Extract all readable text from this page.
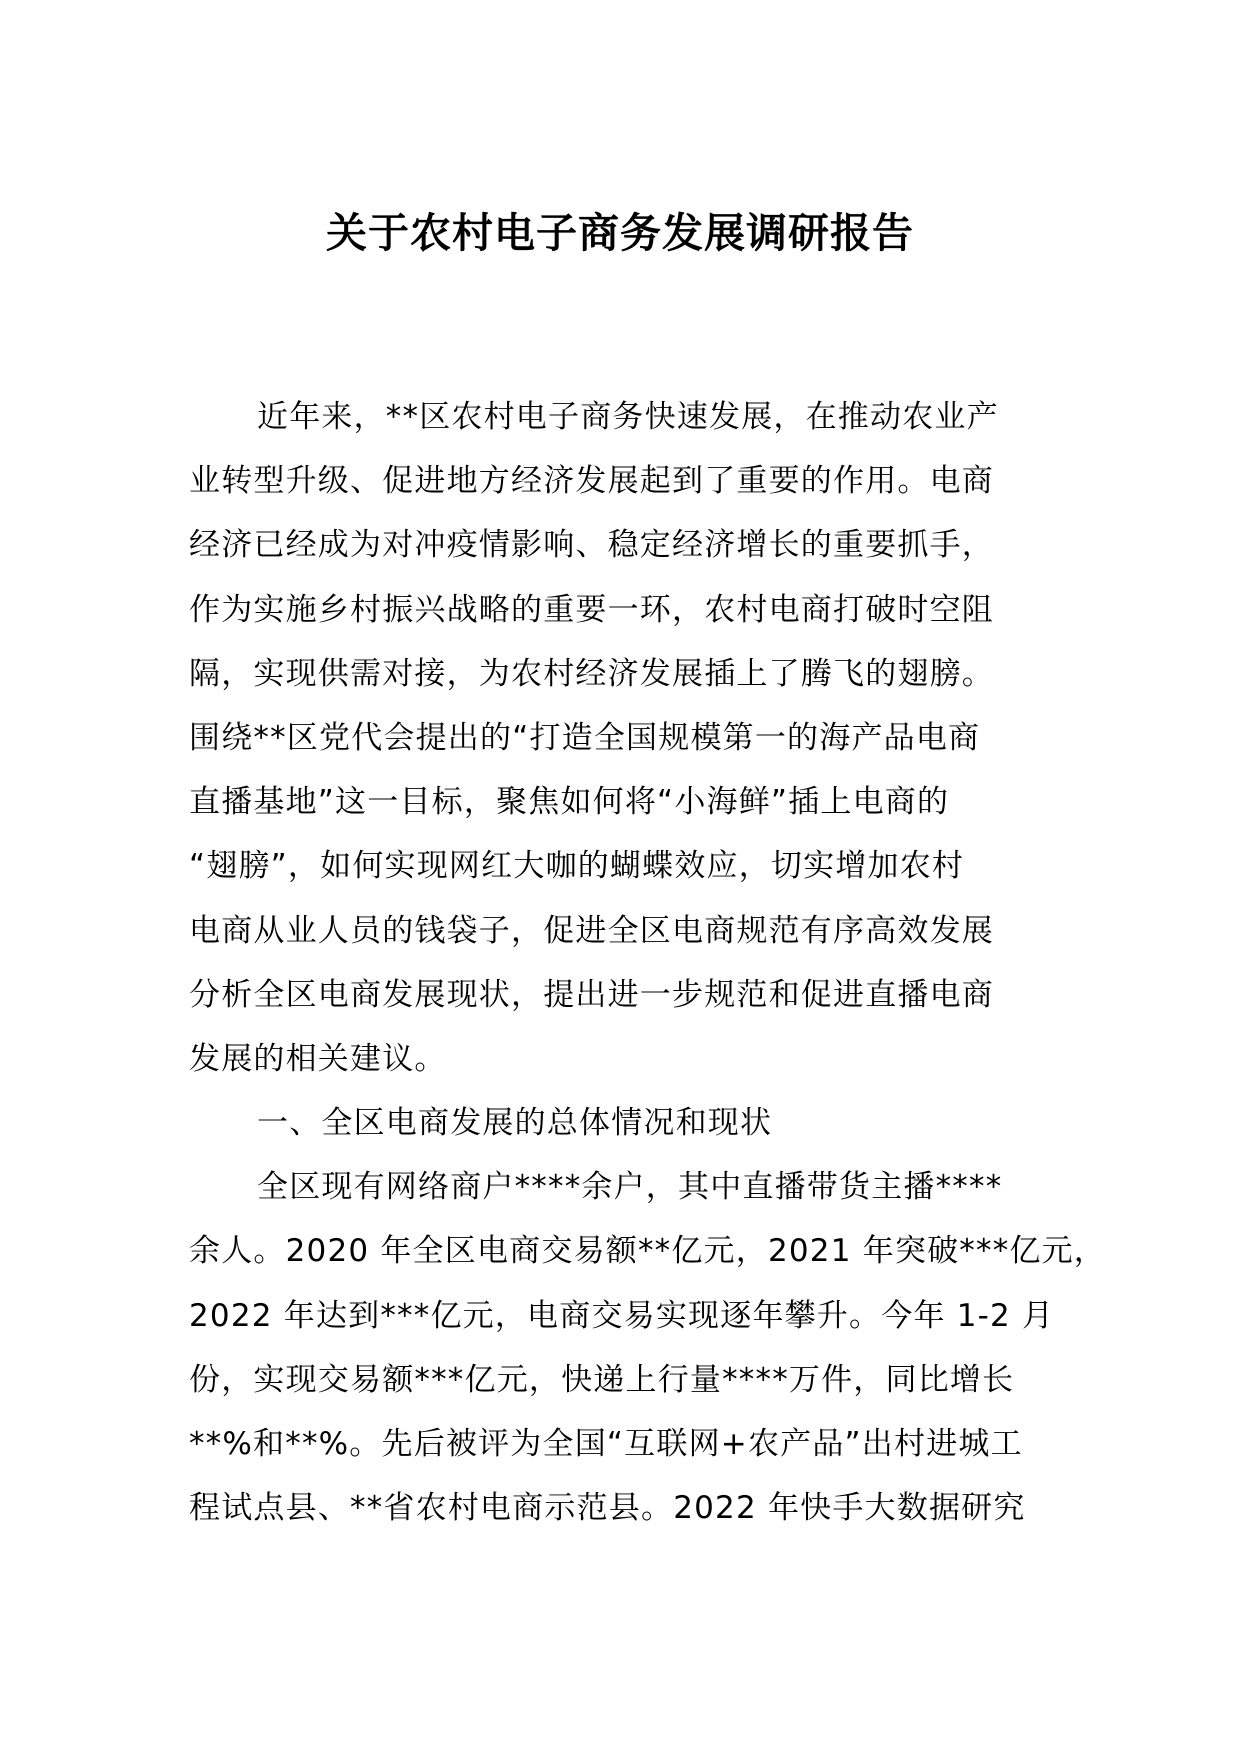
关于农村电子商务发展调研报告
近年来，**区农村电子商务快速发展，在推动农业产
业转型升级、促进地方经济发展起到了重要的作用。电商
经济已经成为对冲疫情影响、稳定经济增长的重要抓手，
作为实施乡村振兴战略的重要一环，农村电商打破时空阻
隔，实现供需对接，为农村经济发展插上了腾飞的翅膀。
围绕**区党代会提出的“打造全国规模第一的海产品电商
直播基地”这一目标，聚焦如何将“小海鲜”插上电商的
“翅膀”，如何实现网红大咖的蝴蝶效应，切实增加农村
电商从业人员的钱袋子，促进全区电商规范有序高效发展
分析全区电商发展现状，提出进一步规范和促进直播电商
发展的相关建议。
一、全区电商发展的总体情况和现状
全区现有网络商户****余户，其中直播带货主播****
余人。2020 年全区电商交易额**亿元，2021 年突破***亿元，
2022 年达到***亿元，电商交易实现逐年攀升。今年 1-2 月
份，实现交易额***亿元，快递上行量****万件，同比增长
**%和**%。先后被评为全国“互联网+农产品”出村进城工
程试点县、**省农村电商示范县。2022 年快手大数据研究
